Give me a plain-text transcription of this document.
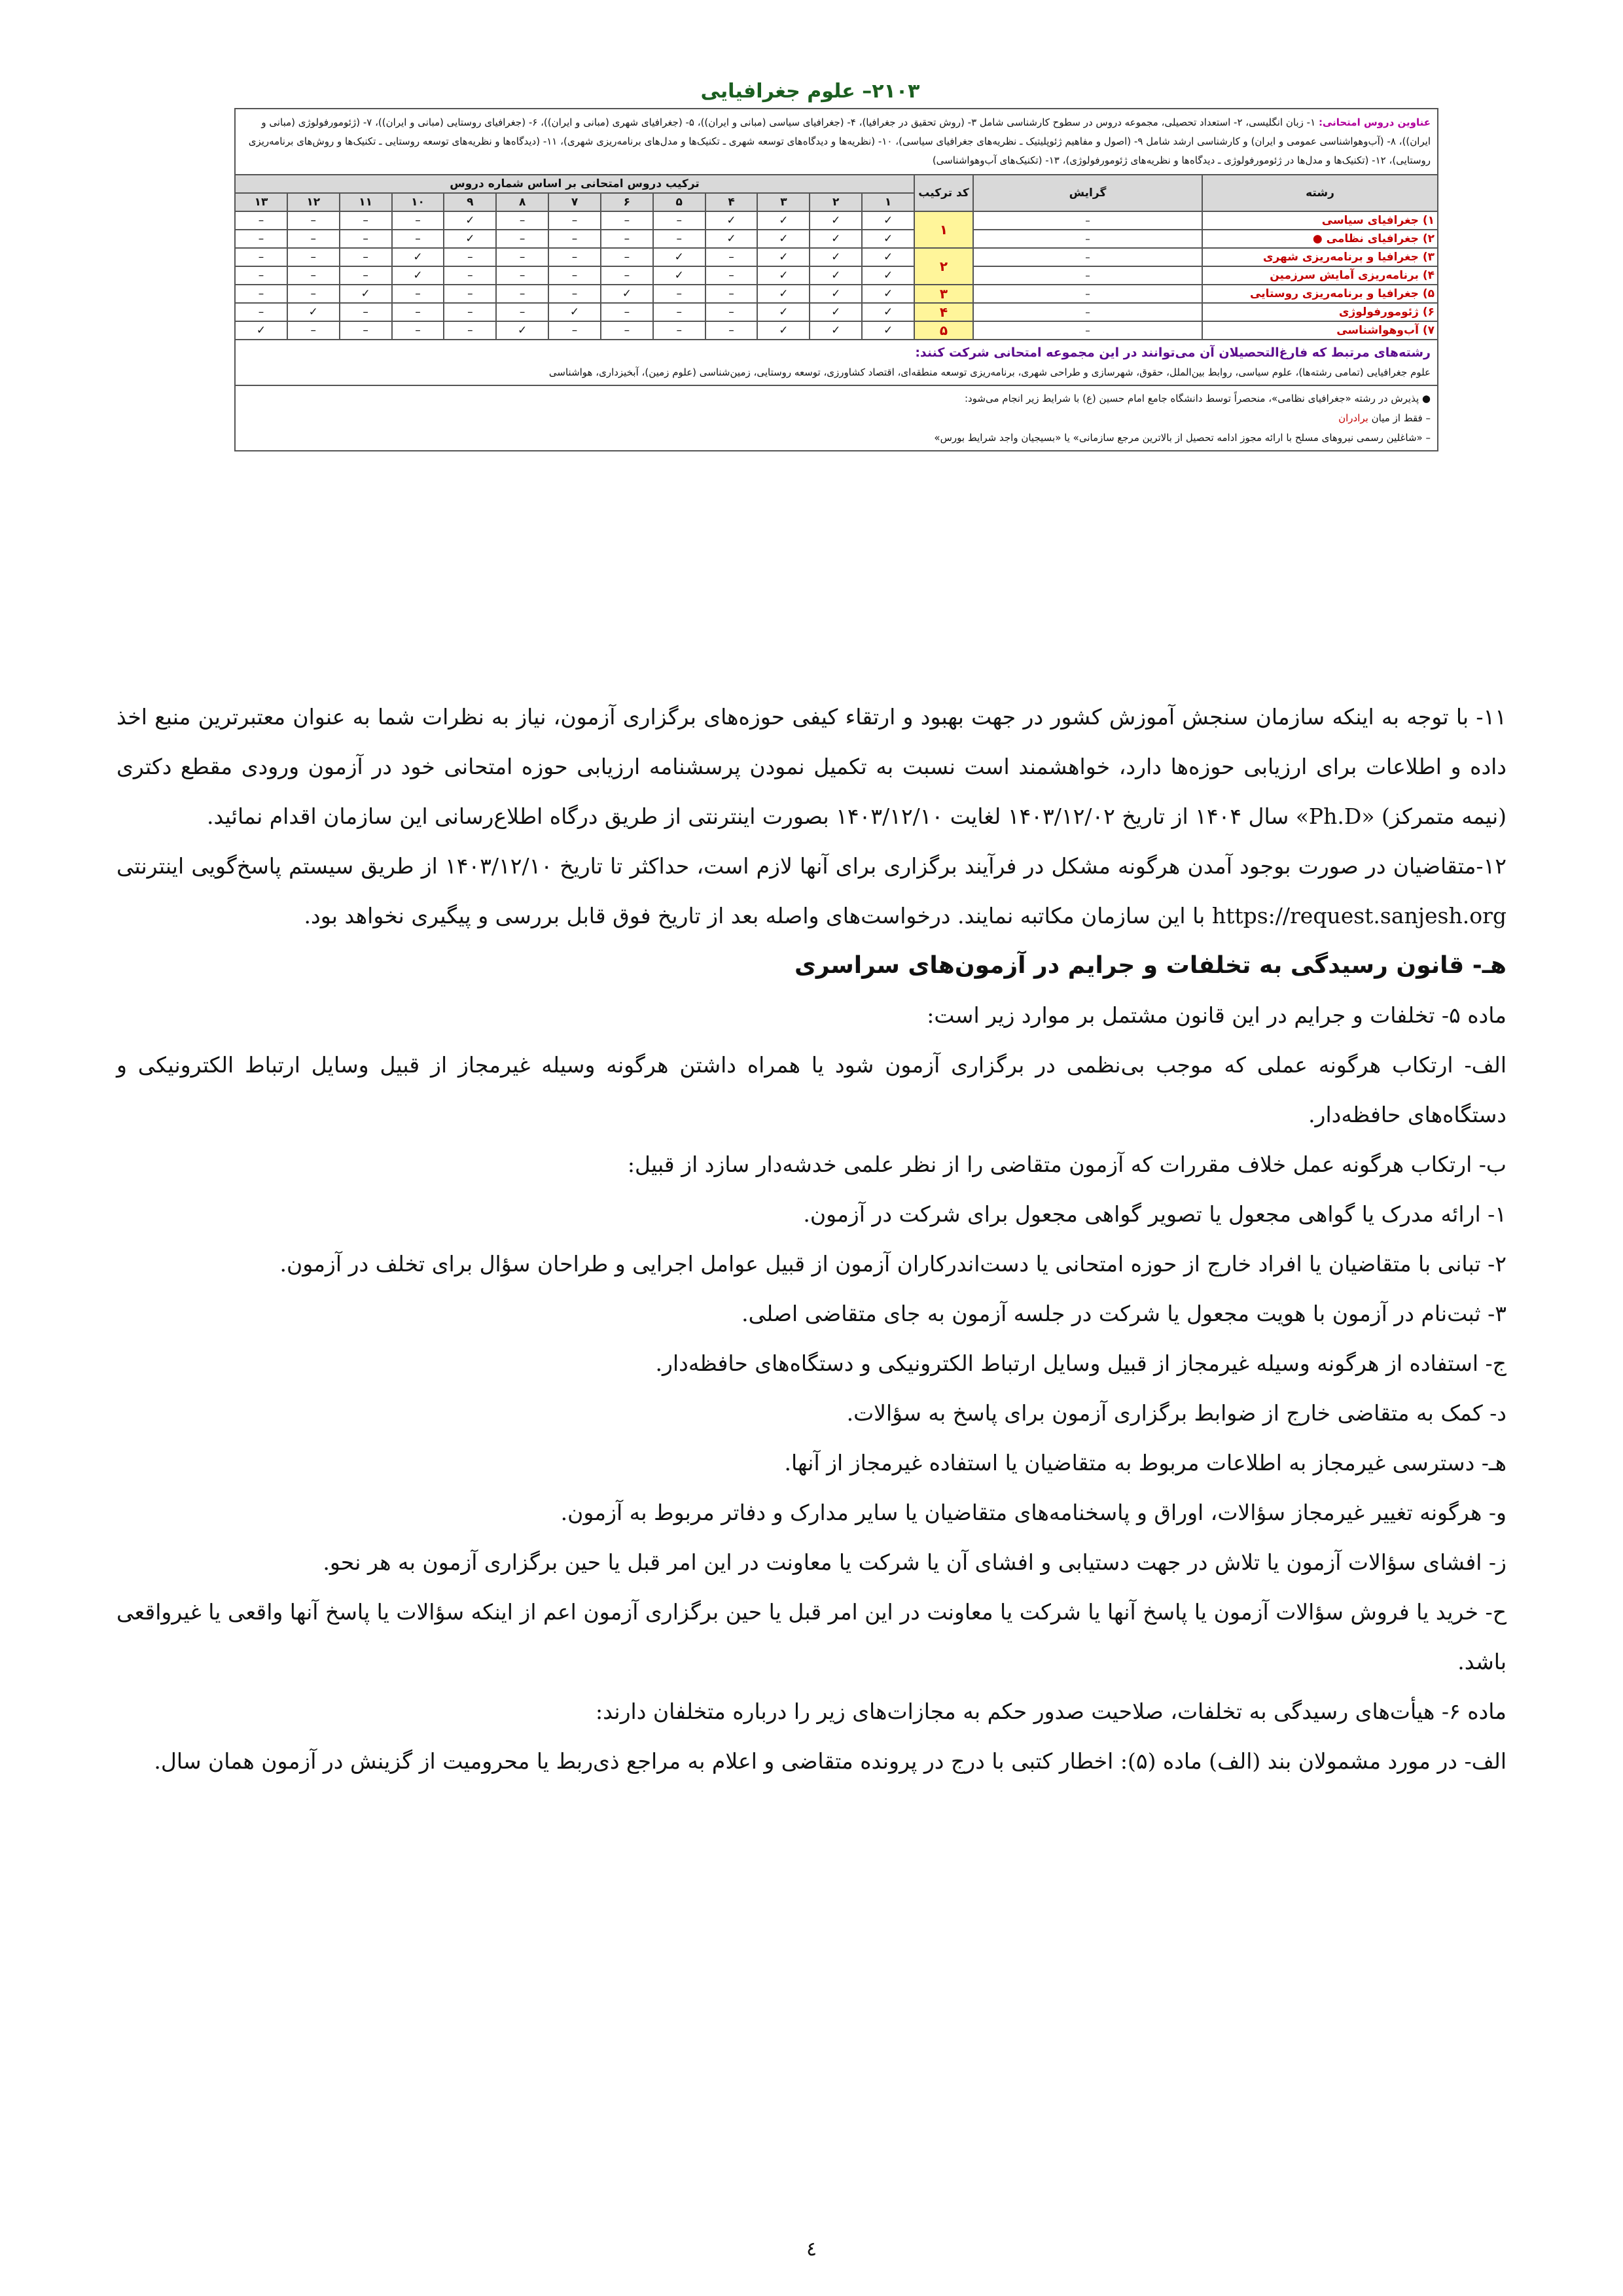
۲۱۰۳– علوم جغرافیایی
عناوین دروس امتحانی: ۱- زبان انگلیسی، ۲- استعداد تحصیلی، مجموعه دروس در سطوح کارشناسی شامل ۳- (روش تحقیق در جغرافیا)، ۴- (جغرافیای سیاسی (مبانی و ایران))، ۵- (جغرافیای شهری (مبانی و ایران))، ۶- (جغرافیای روستایی (مبانی و ایران))، ۷- (ژئومورفولوژی (مبانی و ایران))، ۸- (آب‌وهواشناسی عمومی و ایران) و کارشناسی ارشد شامل ۹- (اصول و مفاهیم ژئوپلیتیک ـ نظریه‌های جغرافیای سیاسی)، ۱۰- (نظریه‌ها و دیدگاه‌های توسعه شهری ـ تکنیک‌ها و مدل‌های برنامه‌ریزی شهری)، ۱۱- (دیدگاه‌ها و نظریه‌های توسعه روستایی ـ تکنیک‌ها و روش‌های برنامه‌ریزی روستایی)، ۱۲- (تکنیک‌ها و مدل‌ها در ژئومورفولوژی ـ دیدگاه‌ها و نظریه‌های ژئومورفولوژی)، ۱۳- (تکنیک‌های آب‌وهواشناسی)															
رشته	گرایش	کد ترکیب	ترکیب دروس امتحانی بر اساس شماره دروس												
			۱	۲	۳	۴	۵	۶	۷	۸	۹	۱۰	۱۱	۱۲	۱۳
۱) جغرافیای سیاسی	–	۱	✓	✓	✓	✓	–	–	–	–	✓	–	–	–	–
۲) جغرافیای نظامی ●	–		✓	✓	✓	✓	–	–	–	–	✓	–	–	–	–
۳) جغرافیا و برنامه‌ریزی شهری	–	۲	✓	✓	✓	–	✓	–	–	–	–	✓	–	–	–
۴) برنامه‌ریزی آمایش سرزمین	–		✓	✓	✓	–	✓	–	–	–	–	✓	–	–	–
۵) جغرافیا و برنامه‌ریزی روستایی	–	۳	✓	✓	✓	–	–	✓	–	–	–	–	✓	–	–
۶) ژئومورفولوژی	–	۴	✓	✓	✓	–	–	–	✓	–	–	–	–	✓	–
۷) آب‌وهواشناسی	–	۵	✓	✓	✓	–	–	–	–	✓	–	–	–	–	✓

رشته‌های مرتبط که فارغ‌التحصیلان آن می‌توانند در این مجموعه امتحانی شرکت کنند:
علوم جغرافیایی (تمامی رشته‌ها)، علوم سیاسی، روابط بین‌الملل، حقوق، شهرسازی و طراحی شهری، برنامه‌ریزی توسعه منطقه‌ای، اقتصاد کشاورزی، توسعه روستایی، زمین‌شناسی (علوم زمین)، آبخیزداری، هواشناسی															

● پذیرش در رشته «جغرافیای نظامی»، منحصراً توسط دانشگاه جامع امام حسین (ع) با شرایط زیر انجام می‌شود:
– فقط از میان برادران
– «شاغلین رسمی نیروهای مسلح با ارائه مجوز ادامه تحصیل از بالاترین مرجع سازمانی» یا «بسیجیان واجد شرایط بورس»															

۱۱- با توجه به اینکه سازمان سنجش آموزش کشور در جهت بهبود و ارتقاء کیفی حوزه‌های برگزاری آزمون، نیاز به نظرات شما به عنوان معتبرترین منبع اخذ داده و اطلاعات برای ارزیابی حوزه‌ها دارد، خواهشمند است نسبت به تکمیل نمودن پرسشنامه ارزیابی حوزه امتحانی خود در آزمون ورودی مقطع دکتری (نیمه متمرکز) «Ph.D» سال ۱۴۰۴ از تاریخ ۱۴۰۳/۱۲/۰۲ لغایت ۱۴۰۳/۱۲/۱۰ بصورت اینترنتی از طریق درگاه اطلاع‌رسانی این سازمان اقدام نمائید.

۱۲-متقاضیان در صورت بوجود آمدن هرگونه مشکل در فرآیند برگزاری برای آنها لازم است، حداکثر تا تاریخ ۱۴۰۳/۱۲/۱۰ از طریق سیستم پاسخ‌گویی اینترنتی https://request.sanjesh.org با این سازمان مکاتبه نمایند. درخواست‌های واصله بعد از تاریخ فوق قابل بررسی و پیگیری نخواهد بود.

هـ- قانون رسیدگی به تخلفات و جرایم در آزمون‌های سراسری

ماده ۵- تخلفات و جرایم در این قانون مشتمل بر موارد زیر است:

الف- ارتکاب هرگونه عملی که موجب بی‌نظمی در برگزاری آزمون شود یا همراه داشتن هرگونه وسیله غیرمجاز از قبیل وسایل ارتباط الکترونیکی و دستگاه‌های حافظه‌دار.

ب- ارتکاب هرگونه عمل خلاف مقررات که آزمون متقاضی را از نظر علمی خدشه‌دار سازد از قبیل:

۱- ارائه مدرک یا گواهی مجعول یا تصویر گواهی مجعول برای شرکت در آزمون.

۲- تبانی با متقاضیان یا افراد خارج از حوزه امتحانی یا دست‌اندرکاران آزمون از قبیل عوامل اجرایی و طراحان سؤال برای تخلف در آزمون.

۳- ثبت‌نام در آزمون با هویت مجعول یا شرکت در جلسه آزمون به جای متقاضی اصلی.

ج- استفاده از هرگونه وسیله غیرمجاز از قبیل وسایل ارتباط الکترونیکی و دستگاه‌های حافظه‌دار.

د- کمک به متقاضی خارج از ضوابط برگزاری آزمون برای پاسخ به سؤالات.

هـ- دسترسی غیرمجاز به اطلاعات مربوط به متقاضیان یا استفاده غیرمجاز از آنها.

و- هرگونه تغییر غیرمجاز سؤالات، اوراق و پاسخنامه‌های متقاضیان یا سایر مدارک و دفاتر مربوط به آزمون.

ز- افشای سؤالات آزمون یا تلاش در جهت دستیابی و افشای آن یا شرکت یا معاونت در این امر قبل یا حین برگزاری آزمون به هر نحو.

ح- خرید یا فروش سؤالات آزمون یا پاسخ آنها یا شرکت یا معاونت در این امر قبل یا حین برگزاری آزمون اعم از اینکه سؤالات یا پاسخ آنها واقعی یا غیرواقعی باشد.

ماده ۶- هیأت‌های رسیدگی به تخلفات، صلاحیت صدور حکم به مجازات‌های زیر را درباره متخلفان دارند:

الف- در مورد مشمولان بند (الف) ماده (۵): اخطار کتبی با درج در پرونده متقاضی و اعلام به مراجع ذی‌ربط یا محرومیت از گزینش در آزمون همان سال.

٤
